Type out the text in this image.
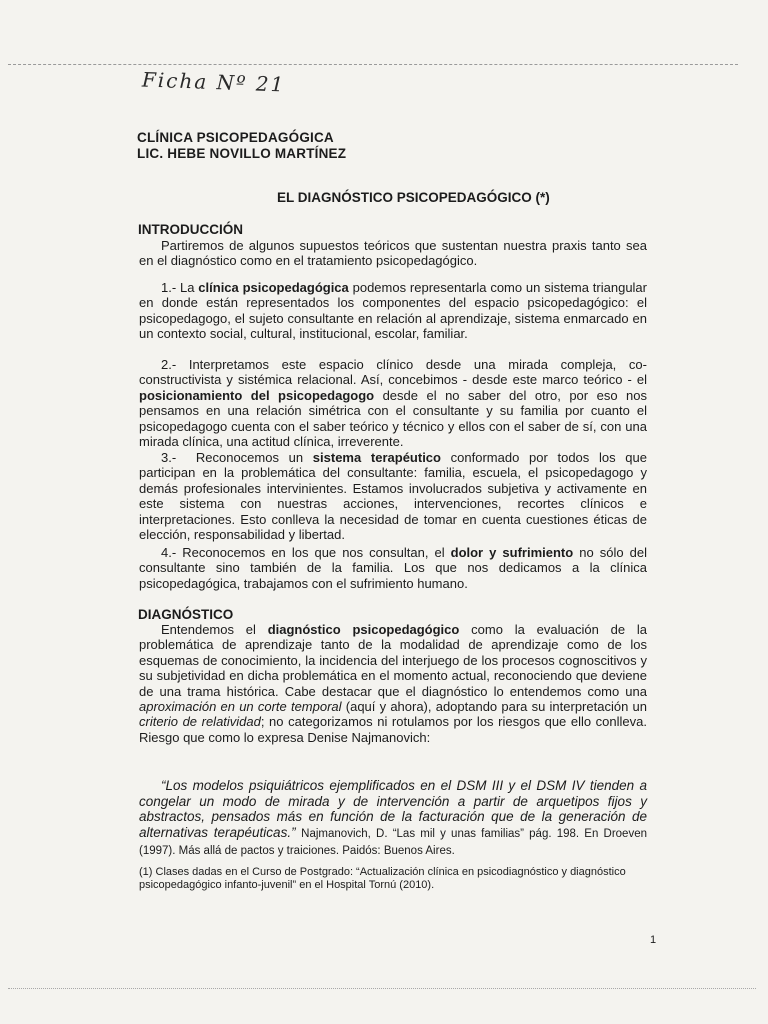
Ficha Nº 21
CLÍNICA PSICOPEDAGÓGICA
LIC. HEBE NOVILLO MARTÍNEZ
EL DIAGNÓSTICO PSICOPEDAGÓGICO (*)
INTRODUCCIÓN
Partiremos de algunos supuestos teóricos que sustentan nuestra praxis tanto sea en el diagnóstico como en el tratamiento psicopedagógico.
1.- La clínica psicopedagógica podemos representarla como un sistema triangular en donde están representados los componentes del espacio psicopedagógico: el psicopedagogo, el sujeto consultante en relación al aprendizaje, sistema enmarcado en un contexto social, cultural, institucional, escolar, familiar.
2.- Interpretamos este espacio clínico desde una mirada compleja, co-constructivista y sistémica relacional. Así, concebimos - desde este marco teórico - el posicionamiento del psicopedagogo desde el no saber del otro, por eso nos pensamos en una relación simétrica con el consultante y su familia por cuanto el psicopedagogo cuenta con el saber teórico y técnico y ellos con el saber de sí, con una mirada clínica, una actitud clínica, irreverente.
3.- Reconocemos un sistema terapéutico conformado por todos los que participan en la problemática del consultante: familia, escuela, el psicopedagogo y demás profesionales intervinientes. Estamos involucrados subjetiva y activamente en este sistema con nuestras acciones, intervenciones, recortes clínicos e interpretaciones. Esto conlleva la necesidad de tomar en cuenta cuestiones éticas de elección, responsabilidad y libertad.
4.- Reconocemos en los que nos consultan, el dolor y sufrimiento no sólo del consultante sino también de la familia. Los que nos dedicamos a la clínica psicopedagógica, trabajamos con el sufrimiento humano.
DIAGNÓSTICO
Entendemos el diagnóstico psicopedagógico como la evaluación de la problemática de aprendizaje tanto de la modalidad de aprendizaje como de los esquemas de conocimiento, la incidencia del interjuego de los procesos cognoscitivos y su subjetividad en dicha problemática en el momento actual, reconociendo que deviene de una trama histórica. Cabe destacar que el diagnóstico lo entendemos como una aproximación en un corte temporal (aquí y ahora), adoptando para su interpretación un criterio de relatividad; no categorizamos ni rotulamos por los riesgos que ello conlleva. Riesgo que como lo expresa Denise Najmanovich:
“Los modelos psiquiátricos ejemplificados en el DSM III y el DSM IV tienden a congelar un modo de mirada y de intervención a partir de arquetipos fijos y abstractos, pensados más en función de la facturación que de la generación de alternativas terapéuticas.” Najmanovich, D. “Las mil y unas familias” pág. 198. En Droeven (1997). Más allá de pactos y traiciones. Paidós: Buenos Aires.
(1) Clases dadas en el Curso de Postgrado: “Actualización clínica en psicodiagnóstico y diagnóstico psicopedagógico infanto-juvenil” en el Hospital Tornú (2010).
1
